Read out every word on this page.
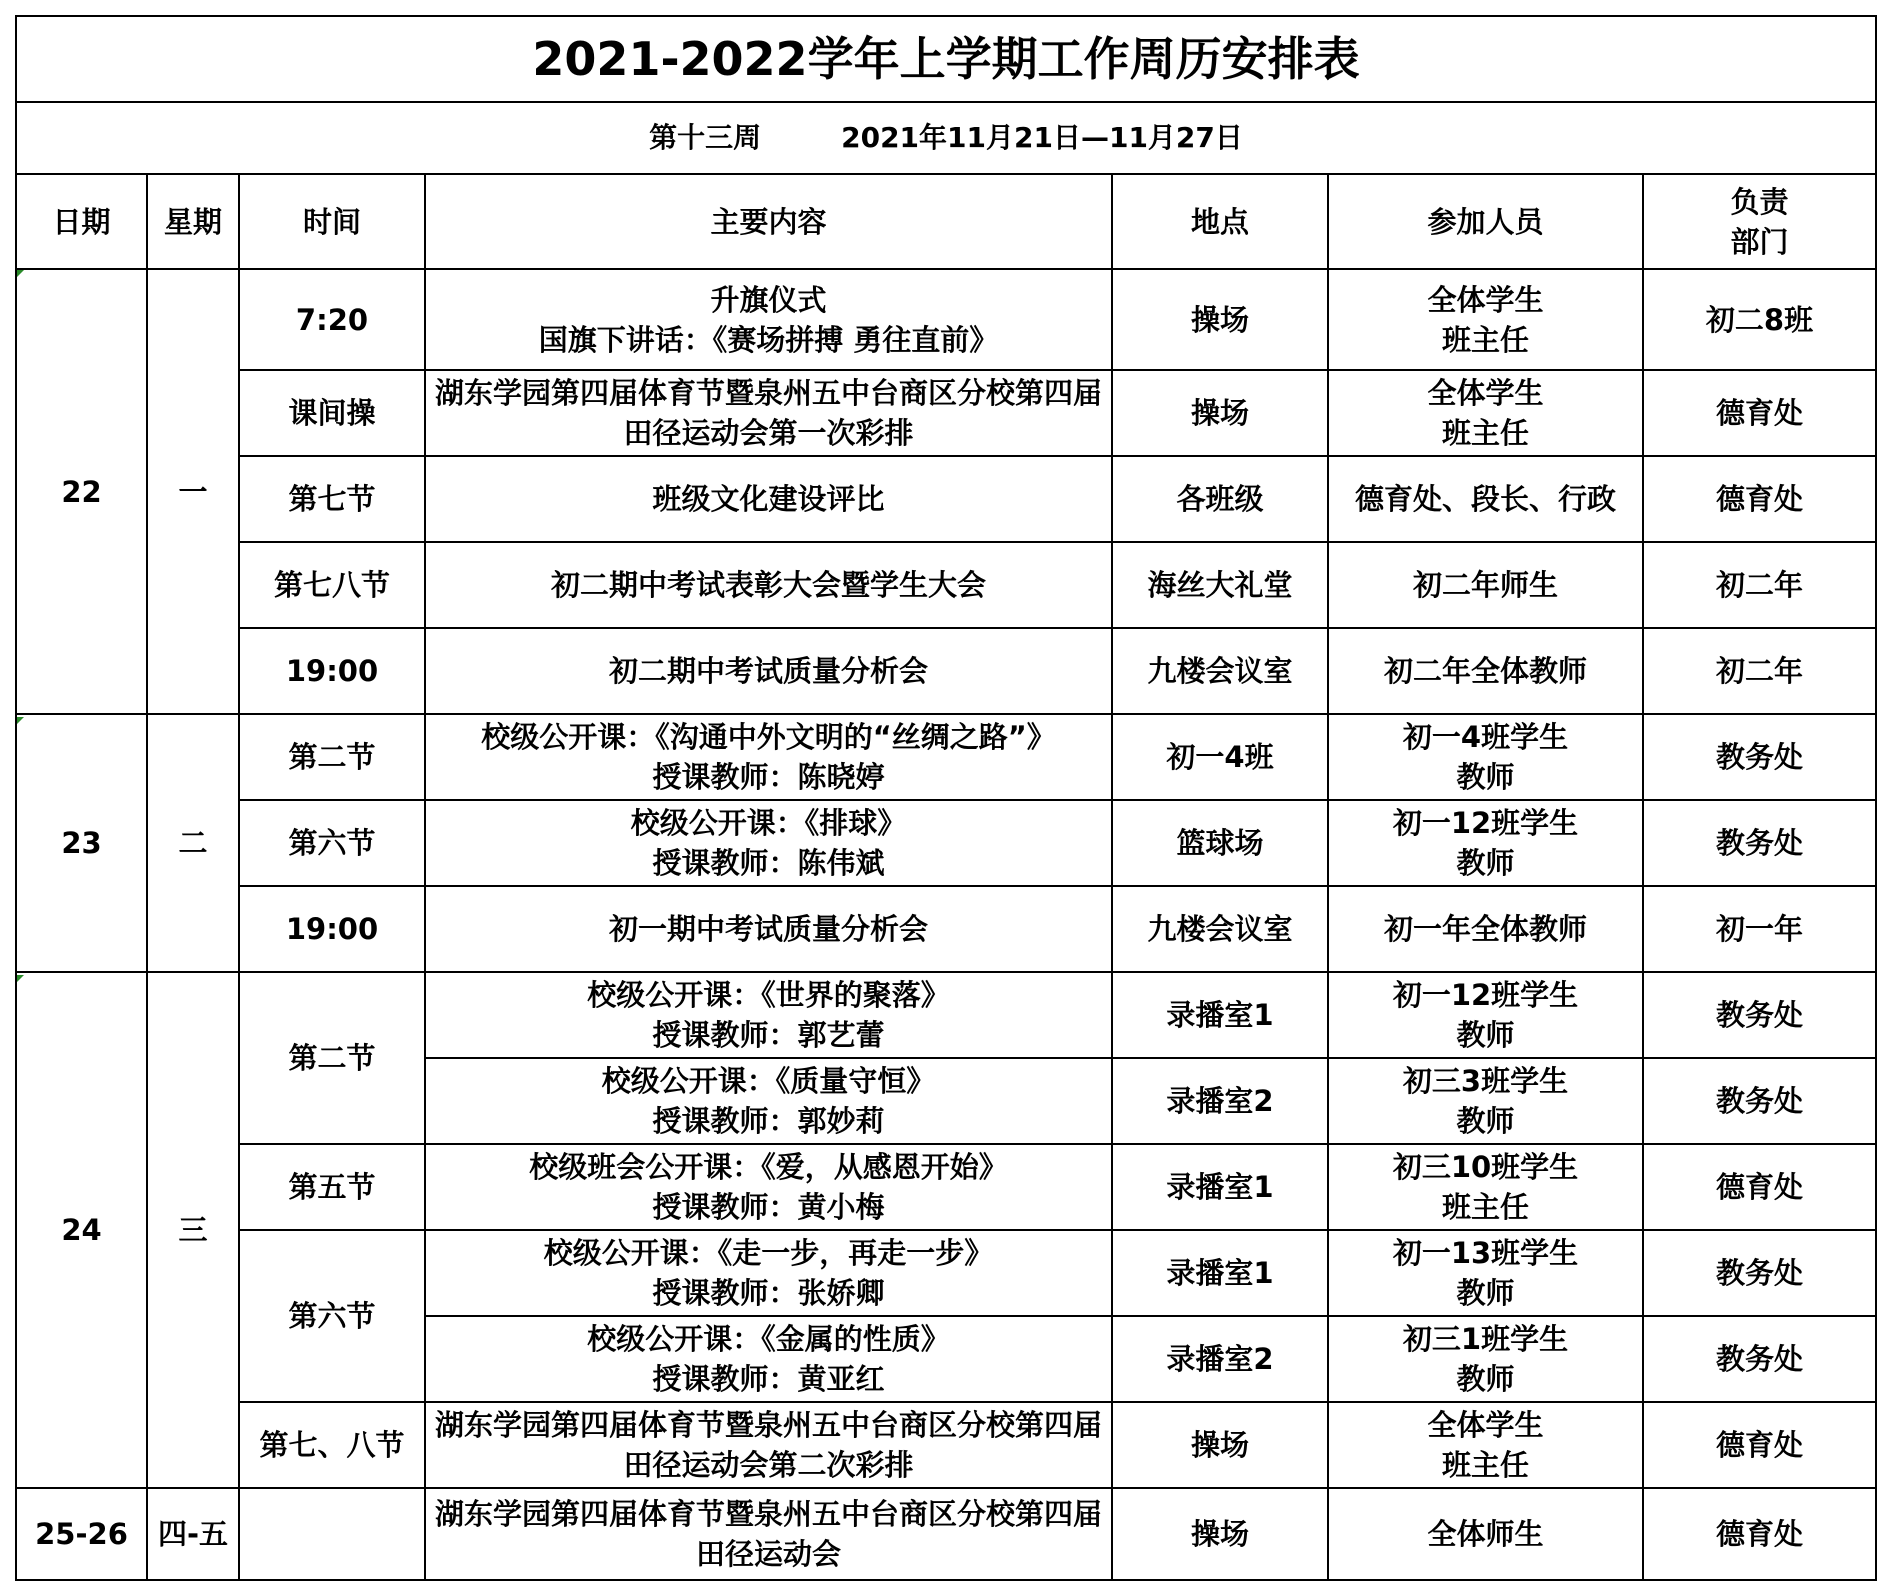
2021-2022学年上学期工作周历安排表						
第十三周 2021年11月21日—11月27日						
日期	星期	时间	主要内容	地点	参加人员	负责
部门
22	一	7:20	升旗仪式
国旗下讲话：《赛场拼搏 勇往直前》	操场	全体学生
班主任	初二8班
		课间操	湖东学园第四届体育节暨泉州五中台商区分校第四届田径运动会第一次彩排	操场	全体学生
班主任	德育处
		第七节	班级文化建设评比	各班级	德育处、段长、行政	德育处
		第七八节	初二期中考试表彰大会暨学生大会	海丝大礼堂	初二年师生	初二年
		19:00	初二期中考试质量分析会	九楼会议室	初二年全体教师	初二年
23	二	第二节	校级公开课：《沟通中外文明的“丝绸之路”》
授课教师：陈晓婷	初一4班	初一4班学生
教师	教务处
		第六节	校级公开课：《排球》
授课教师：陈伟斌	篮球场	初一12班学生
教师	教务处
		19:00	初一期中考试质量分析会	九楼会议室	初一年全体教师	初一年
24	三	第二节	校级公开课：《世界的聚落》
授课教师：郭艺蕾	录播室1	初一12班学生
教师	教务处
			校级公开课：《质量守恒》
授课教师：郭妙莉	录播室2	初三3班学生
教师	教务处
		第五节	校级班会公开课：《爱，从感恩开始》
授课教师：黄小梅	录播室1	初三10班学生
班主任	德育处
		第六节	校级公开课：《走一步，再走一步》
授课教师：张娇卿	录播室1	初一13班学生
教师	教务处
			校级公开课：《金属的性质》
授课教师：黄亚红	录播室2	初三1班学生
教师	教务处
		第七、八节	湖东学园第四届体育节暨泉州五中台商区分校第四届田径运动会第二次彩排	操场	全体学生
班主任	德育处
25-26	四-五		湖东学园第四届体育节暨泉州五中台商区分校第四届田径运动会	操场	全体师生	德育处
